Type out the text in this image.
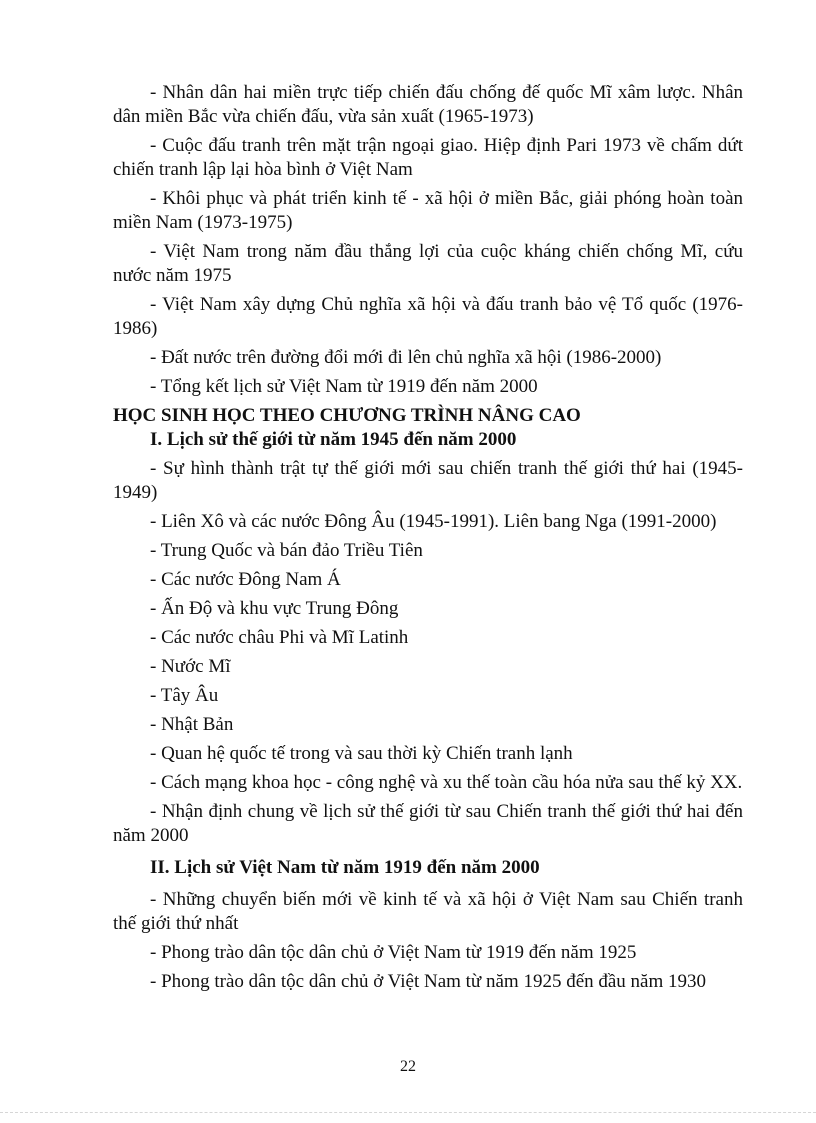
- Nhân dân hai miền trực tiếp chiến đấu chống đế quốc Mĩ xâm lược. Nhân dân miền Bắc vừa chiến đấu, vừa sản xuất (1965-1973)

- Cuộc đấu tranh trên mặt trận ngoại giao. Hiệp định Pari 1973 về chấm dứt chiến tranh lập lại hòa bình ở Việt Nam

- Khôi phục và phát triển kinh tế - xã hội ở miền Bắc, giải phóng hoàn toàn miền Nam (1973-1975)

- Việt Nam trong năm đầu thắng lợi của cuộc kháng chiến chống Mĩ, cứu nước năm 1975

- Việt Nam xây dựng Chủ nghĩa xã hội và đấu tranh bảo vệ Tổ quốc (1976-1986)

- Đất nước trên đường đổi mới đi lên chủ nghĩa xã hội (1986-2000)

- Tổng kết lịch sử Việt Nam từ 1919 đến năm 2000

HỌC SINH HỌC THEO CHƯƠNG TRÌNH NÂNG CAO
I. Lịch sử thế giới từ năm 1945 đến năm 2000

- Sự hình thành trật tự thế giới mới sau chiến tranh thế giới thứ hai (1945-1949)

- Liên Xô và các nước Đông Âu (1945-1991). Liên bang Nga (1991-2000)

- Trung Quốc và bán đảo Triều Tiên

- Các nước Đông Nam Á

- Ấn Độ và khu vực Trung Đông

- Các nước châu Phi và Mĩ Latinh

- Nước Mĩ

- Tây Âu

- Nhật Bản

- Quan hệ quốc tế trong và sau thời kỳ Chiến tranh lạnh

- Cách mạng khoa học - công nghệ và xu thế toàn cầu hóa nửa sau thế kỷ XX.

- Nhận định chung về lịch sử thế giới từ sau Chiến tranh thế giới thứ hai đến năm 2000

II. Lịch sử Việt Nam từ năm 1919 đến năm 2000

- Những chuyển biến mới về kinh tế và xã hội ở Việt Nam sau Chiến tranh thế giới thứ nhất

- Phong trào dân tộc dân chủ ở Việt Nam từ 1919 đến năm 1925

- Phong trào dân tộc dân chủ ở Việt Nam từ năm 1925 đến đầu năm 1930

22
